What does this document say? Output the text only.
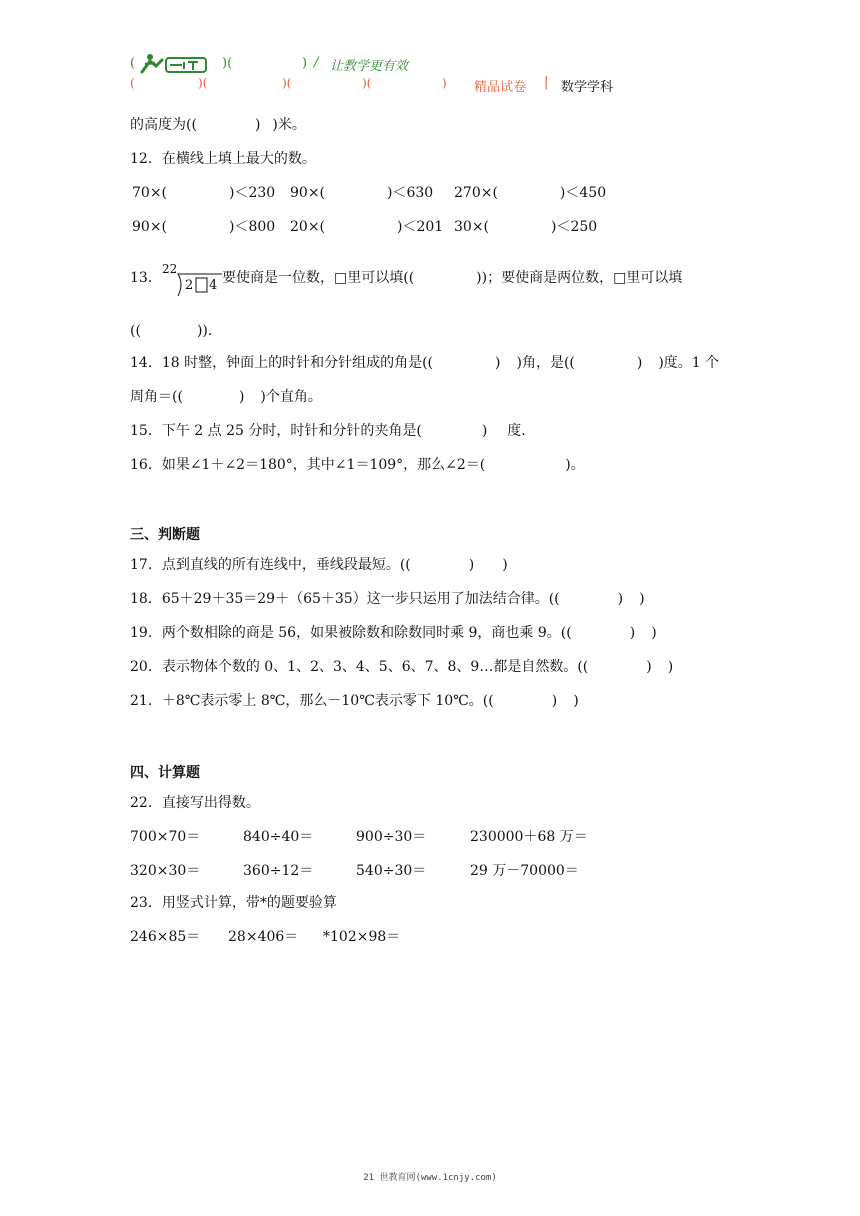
(	)(	) / 让教学更有效
(	)(	)(	)(	) 精品试卷 | 数学学科
的高度为((	) )米。
12．在横线上填上最大的数。
70×(	)＜230 90×(	)＜630 270×(	)＜450
90×(	)＜800 20×(	)＜201 30×(	)＜250
13．
22
2 4 要使商是一位数，□里可以填((	))；要使商是两位数，□里可以填
((	))．
14．18 时整，钟面上的时针和分针组成的角是((	) )角，是((	) )度。1 个
周角＝((	) )个直角。
15．下午 2 点 25 分时，时针和分针的夹角是(	) 度.
16．如果∠1＋∠2＝180°，其中∠1＝109°，那么∠2＝(	)。
三、判断题
17．点到直线的所有连线中，垂线段最短。((	) )
18．65＋29＋35＝29＋（65＋35）这一步只运用了加法结合律。((	) )
19．两个数相除的商是 56，如果被除数和除数同时乘 9，商也乘 9。((	) )
20．表示物体个数的 0、1、2、3、4、5、6、7、8、9…都是自然数。((	) )
21．＋8℃表示零上 8℃，那么－10℃表示零下 10℃。((	) )
四、计算题
22．直接写出得数。
700×70＝	840÷40＝	900÷30＝	230000＋68 万＝
320×30＝	360÷12＝	540÷30＝	29 万－70000＝
23．用竖式计算，带*的题要验算
246×85＝ 28×406＝ *102×98＝
21 世教育网(www.1cnjy.com)
